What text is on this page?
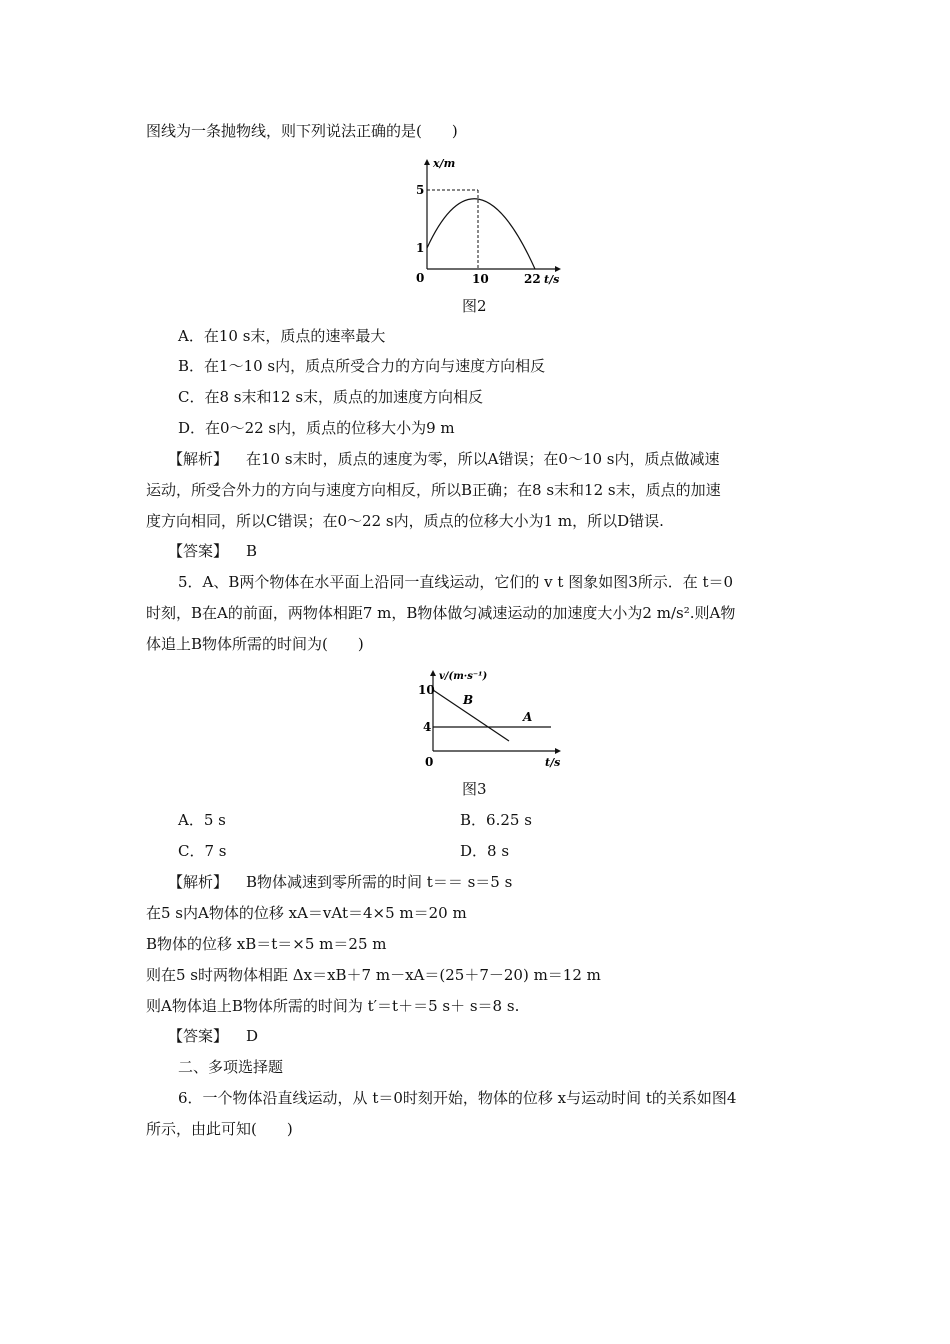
图线为一条抛物线，则下列说法正确的是(　　)
x/m
5
1
0	10	22 t/s
图2
A．在10 s末，质点的速率最大
B．在1～10 s内，质点所受合力的方向与速度方向相反
C．在8 s末和12 s末，质点的加速度方向相反
D．在0～22 s内，质点的位移大小为9 m
【解析】 在10 s末时，质点的速度为零，所以A错误；在0～10 s内，质点做减速
运动，所受合外力的方向与速度方向相反，所以B正确；在8 s末和12 s末，质点的加速
度方向相同，所以C错误；在0～22 s内，质点的位移大小为1 m，所以D错误.
【答案】 B
5．A、B两个物体在水平面上沿同一直线运动，它们的 v t 图象如图3所示．在 t＝0
时刻，B在A的前面，两物体相距7 m，B物体做匀减速运动的加速度大小为2 m/s².则A物
体追上B物体所需的时间为(　　)
v/(m·s⁻¹)
10
4
0
B
A
t/s
图3
A．5 s	B．6.25 s
C．7 s	D．8 s
【解析】 B物体减速到零所需的时间 t＝＝ s＝5 s
在5 s内A物体的位移 xA＝vAt＝4×5 m＝20 m
B物体的位移 xB＝t＝×5 m＝25 m
则在5 s时两物体相距 Δx＝xB＋7 m－xA＝(25＋7－20) m＝12 m
则A物体追上B物体所需的时间为 t′＝t＋＝5 s＋ s＝8 s.
【答案】 D
二、多项选择题
6．一个物体沿直线运动，从 t＝0时刻开始，物体的位移 x与运动时间 t的关系如图4
所示，由此可知(　　)
